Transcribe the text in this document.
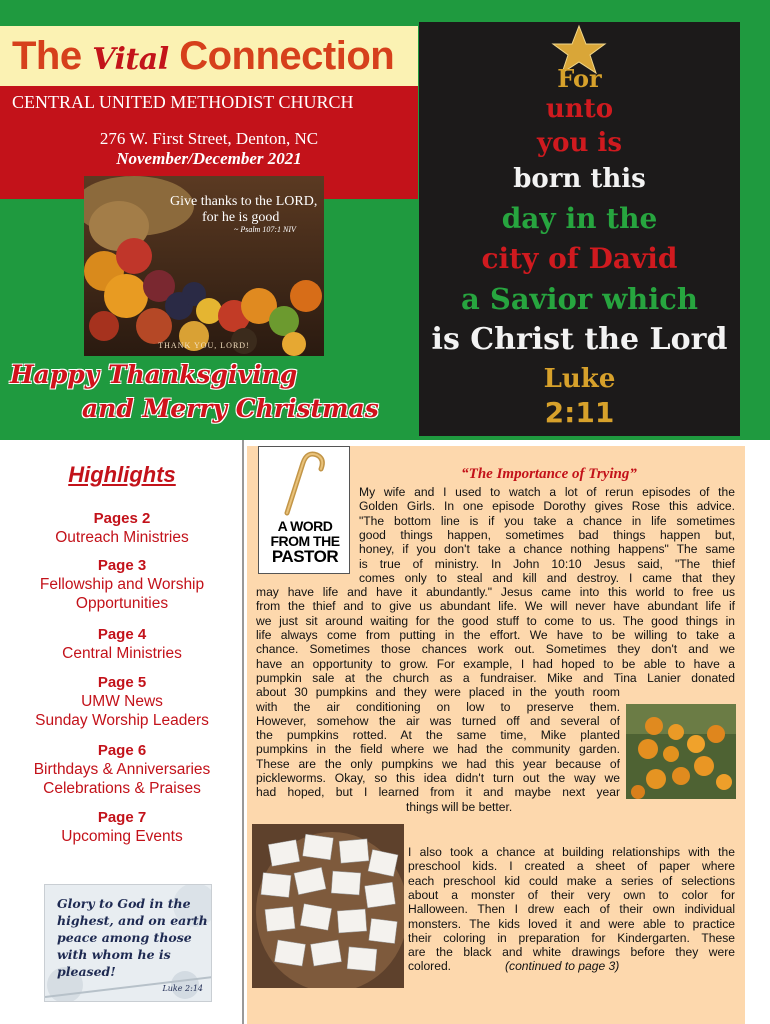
The Vital Connection
CENTRAL UNITED METHODIST CHURCH
276 W. First Street, Denton, NC
November/December 2021
Give thanks to the LORD,
for he is good
~ Psalm 107:1 NIV
THANK YOU, LORD!
Happy Thanksgiving
and Merry Christmas
For
unto
you is
born this
day in the
city of David
a Savior which
is Christ the Lord
Luke
2:11
Highlights
Pages 2
Outreach Ministries
Page 3
Fellowship and Worship
Opportunities
Page 4
Central Ministries
Page 5
UMW News
Sunday Worship Leaders
Page 6
Birthdays & Anniversaries
Celebrations & Praises
Page 7
Upcoming Events
Glory to God in the
highest, and on earth
peace among those
with whom he is
pleased!
Luke 2:14
A WORD
FROM THE
PASTOR
“The Importance of Trying”
My wife and I used to watch a lot of rerun episodes of the
Golden Girls. In one episode Dorothy gives Rose this advice.
"The bottom line is if you take a chance in life sometimes
good things happen, sometimes bad things happen but,
honey, if you don't take a chance nothing happens" The same
is true of ministry. In John 10:10 Jesus said, "The thief
comes only to steal and kill and destroy. I came that they
may have life and have it abundantly." Jesus came into this world to free us
from the thief and to give us abundant life. We will never have abundant life if
we just sit around waiting for the good stuff to come to us. The good things in
life always come from putting in the effort. We have to be willing to take a
chance. Sometimes those chances work out. Sometimes they don't and we
have an opportunity to grow. For example, I had hoped to be able to have a
pumpkin sale at the church as a fundraiser. Mike and Tina Lanier donated
about 30 pumpkins and they were placed in the youth room
with the air conditioning on low to preserve them.
However, somehow the air was turned off and several of
the pumpkins rotted. At the same time, Mike planted
pumpkins in the field where we had the community garden.
These are the only pumpkins we had this year because of
pickleworms. Okay, so this idea didn't turn out the way we
had hoped, but I learned from it and maybe next year
things will be better.
I also took a chance at building relationships with the
preschool kids. I created a sheet of paper where
each preschool kid could make a series of selections
about a monster of their very own to color for
Halloween. Then I drew each of their own individual
monsters. The kids loved it and were able to practice
their coloring in preparation for Kindergarten. These
are the black and white drawings before they were
colored.	(continued to page 3)
